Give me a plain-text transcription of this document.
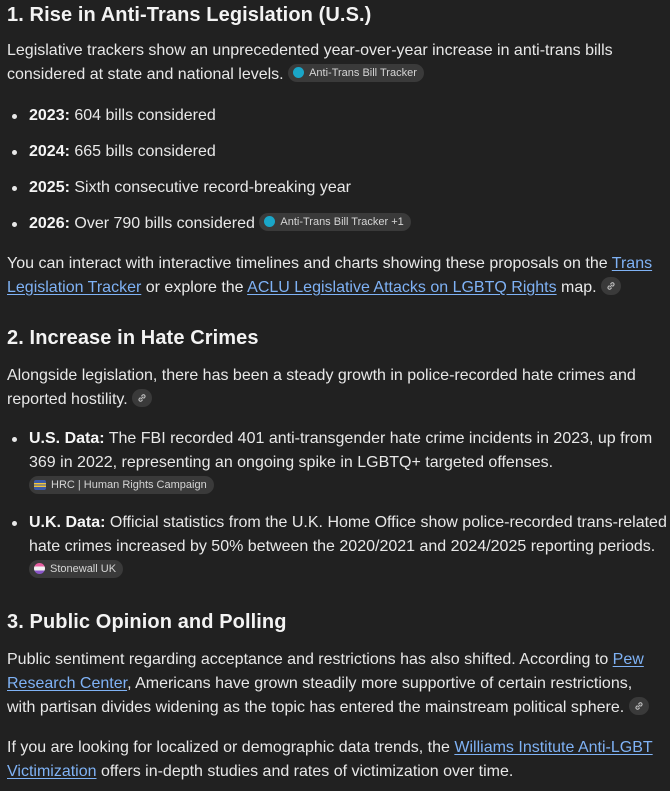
1. Rise in Anti-Trans Legislation (U.S.)

Legislative trackers show an unprecedented year-over-year increase in anti-trans bills considered at state and national levels. Anti-Trans Bill Tracker

2023: 604 bills considered
2024: 665 bills considered
2025: Sixth consecutive record-breaking year
2026: Over 790 bills considered Anti-Trans Bill Tracker +1

You can interact with interactive timelines and charts showing these proposals on the Trans Legislation Tracker or explore the ACLU Legislative Attacks on LGBTQ Rights map.

2. Increase in Hate Crimes

Alongside legislation, there has been a steady growth in police-recorded hate crimes and reported hostility.

U.S. Data: The FBI recorded 401 anti-transgender hate crime incidents in 2023, up from 369 in 2022, representing an ongoing spike in LGBTQ+ targeted offenses.
HRC | Human Rights Campaign
U.K. Data: Official statistics from the U.K. Home Office show police-recorded trans-related hate crimes increased by 50% between the 2020/2021 and 2024/2025 reporting periods.
Stonewall UK
3. Public Opinion and Polling

Public sentiment regarding acceptance and restrictions has also shifted. According to Pew Research Center, Americans have grown steadily more supportive of certain restrictions, with partisan divides widening as the topic has entered the mainstream political sphere.

If you are looking for localized or demographic data trends, the Williams Institute Anti-LGBT Victimization offers in-depth studies and rates of victimization over time.
